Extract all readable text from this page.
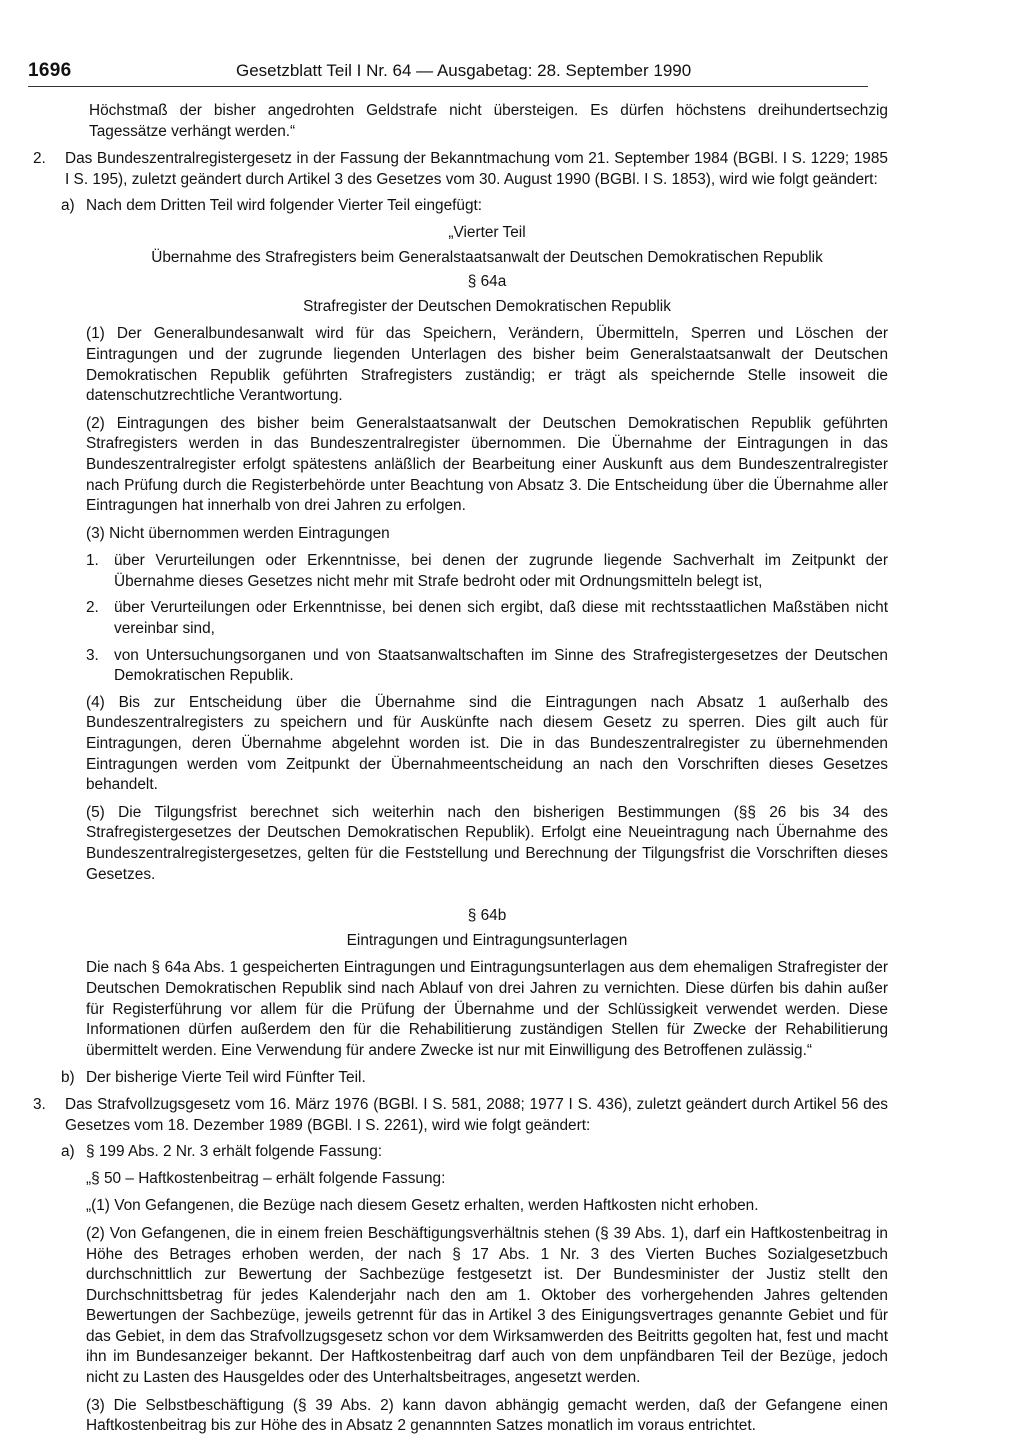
1696	Gesetzblatt Teil I Nr. 64 — Ausgabetag: 28. September 1990

Höchstmaß der bisher angedrohten Geldstrafe nicht übersteigen. Es dürfen höchstens dreihundertsechzig Tagessätze verhängt werden.“

2. Das Bundeszentralregistergesetz in der Fassung der Bekanntmachung vom 21. September 1984 (BGBl. I S. 1229; 1985 I S. 195), zuletzt geändert durch Artikel 3 des Gesetzes vom 30. August 1990 (BGBl. I S. 1853), wird wie folgt geändert:
a) Nach dem Dritten Teil wird folgender Vierter Teil eingefügt:
„Vierter Teil
Übernahme des Strafregisters beim Generalstaatsanwalt der Deutschen Demokratischen Republik
§ 64a
Strafregister der Deutschen Demokratischen Republik

(1) Der Generalbundesanwalt wird für das Speichern, Verändern, Übermitteln, Sperren und Löschen der Eintragungen und der zugrunde liegenden Unterlagen des bisher beim Generalstaatsanwalt der Deutschen Demokratischen Republik geführten Strafregisters zuständig; er trägt als speichernde Stelle insoweit die datenschutzrechtliche Verantwortung.

(2) Eintragungen des bisher beim Generalstaatsanwalt der Deutschen Demokratischen Republik geführten Strafregisters werden in das Bundeszentralregister übernommen. Die Übernahme der Eintragungen in das Bundeszentralregister erfolgt spätestens anläßlich der Bearbeitung einer Auskunft aus dem Bundeszentralregister nach Prüfung durch die Registerbehörde unter Beachtung von Absatz 3. Die Entscheidung über die Übernahme aller Eintragungen hat innerhalb von drei Jahren zu erfolgen.

(3) Nicht übernommen werden Eintragungen

1. über Verurteilungen oder Erkenntnisse, bei denen der zugrunde liegende Sachverhalt im Zeitpunkt der Übernahme dieses Gesetzes nicht mehr mit Strafe bedroht oder mit Ordnungsmitteln belegt ist,
2. über Verurteilungen oder Erkenntnisse, bei denen sich ergibt, daß diese mit rechtsstaatlichen Maßstäben nicht vereinbar sind,
3. von Untersuchungsorganen und von Staatsanwaltschaften im Sinne des Strafregistergesetzes der Deutschen Demokratischen Republik.

(4) Bis zur Entscheidung über die Übernahme sind die Eintragungen nach Absatz 1 außerhalb des Bundeszentralregisters zu speichern und für Auskünfte nach diesem Gesetz zu sperren. Dies gilt auch für Eintragungen, deren Übernahme abgelehnt worden ist. Die in das Bundeszentralregister zu übernehmenden Eintragungen werden vom Zeitpunkt der Übernahmeentscheidung an nach den Vorschriften dieses Gesetzes behandelt.

(5) Die Tilgungsfrist berechnet sich weiterhin nach den bisherigen Bestimmungen (§§ 26 bis 34 des Strafregistergesetzes der Deutschen Demokratischen Republik). Erfolgt eine Neueintragung nach Übernahme des Bundeszentralregistergesetzes, gelten für die Feststellung und Berechnung der Tilgungsfrist die Vorschriften dieses Gesetzes.

§ 64b
Eintragungen und Eintragungsunterlagen

Die nach § 64a Abs. 1 gespeicherten Eintragungen und Eintragungsunterlagen aus dem ehemaligen Strafregister der Deutschen Demokratischen Republik sind nach Ablauf von drei Jahren zu vernichten. Diese dürfen bis dahin außer für Registerführung vor allem für die Prüfung der Übernahme und der Schlüssigkeit verwendet werden. Diese Informationen dürfen außerdem den für die Rehabilitierung zuständigen Stellen für Zwecke der Rehabilitierung übermittelt werden. Eine Verwendung für andere Zwecke ist nur mit Einwilligung des Betroffenen zulässig.“

b) Der bisherige Vierte Teil wird Fünfter Teil.
3. Das Strafvollzugsgesetz vom 16. März 1976 (BGBl. I S. 581, 2088; 1977 I S. 436), zuletzt geändert durch Artikel 56 des Gesetzes vom 18. Dezember 1989 (BGBl. I S. 2261), wird wie folgt geändert:
a) § 199 Abs. 2 Nr. 3 erhält folgende Fassung:

„§ 50 – Haftkostenbeitrag – erhält folgende Fassung:

„(1) Von Gefangenen, die Bezüge nach diesem Gesetz erhalten, werden Haftkosten nicht erhoben.

(2) Von Gefangenen, die in einem freien Beschäftigungsverhältnis stehen (§ 39 Abs. 1), darf ein Haftkostenbeitrag in Höhe des Betrages erhoben werden, der nach § 17 Abs. 1 Nr. 3 des Vierten Buches Sozialgesetzbuch durchschnittlich zur Bewertung der Sachbezüge festgesetzt ist. Der Bundesminister der Justiz stellt den Durchschnittsbetrag für jedes Kalenderjahr nach den am 1. Oktober des vorhergehenden Jahres geltenden Bewertungen der Sachbezüge, jeweils getrennt für das in Artikel 3 des Einigungsvertrages genannte Gebiet und für das Gebiet, in dem das Strafvollzugsgesetz schon vor dem Wirksamwerden des Beitritts gegolten hat, fest und macht ihn im Bundesanzeiger bekannt. Der Haftkostenbeitrag darf auch von dem unpfändbaren Teil der Bezüge, jedoch nicht zu Lasten des Hausgeldes oder des Unterhaltsbeitrages, angesetzt werden.

(3) Die Selbstbeschäftigung (§ 39 Abs. 2) kann davon abhängig gemacht werden, daß der Gefangene einen Haftkostenbeitrag bis zur Höhe des in Absatz 2 genannnten Satzes monatlich im voraus entrichtet.
